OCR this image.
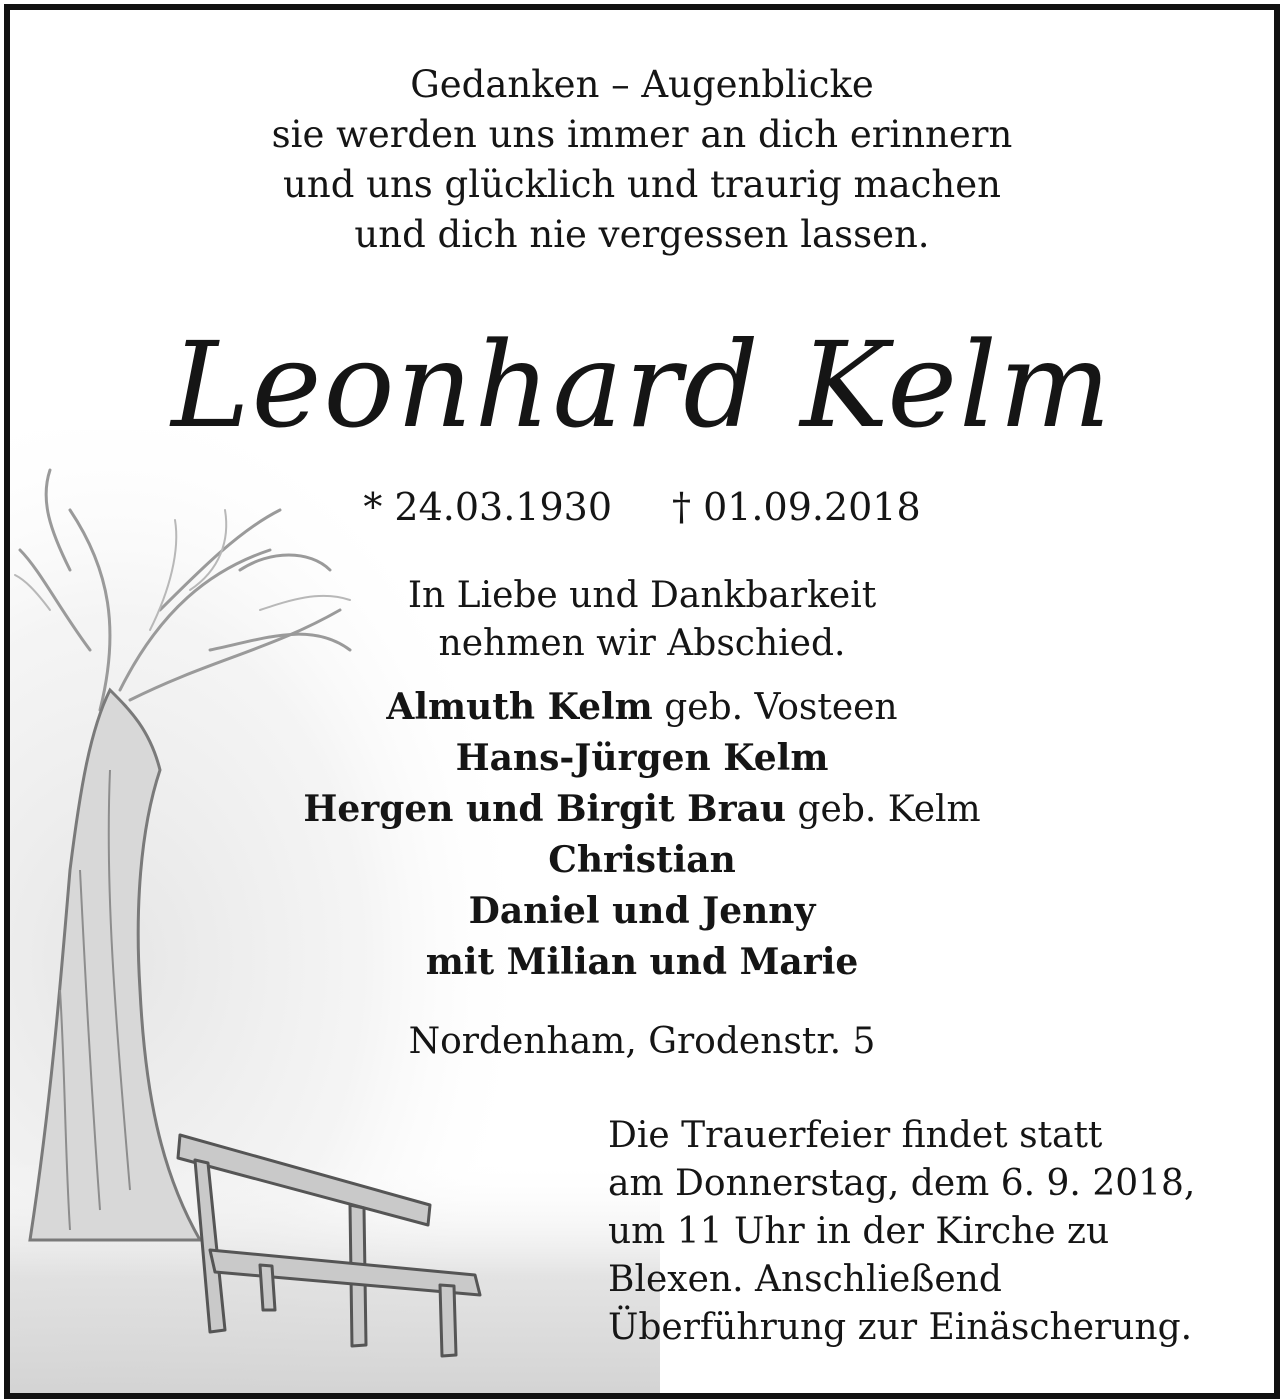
Gedanken – Augenblicke
sie werden uns immer an dich erinnern
und uns glücklich und traurig machen
und dich nie vergessen lassen.
Leonhard Kelm
* 24.03.1930 † 01.09.2018
In Liebe und Dankbarkeit
nehmen wir Abschied.
Almuth Kelm geb. Vosteen
Hans-Jürgen Kelm
Hergen und Birgit Brau geb. Kelm
Christian
Daniel und Jenny
mit Milian und Marie
Nordenham, Grodenstr. 5
Die Trauerfeier findet statt
am Donnerstag, dem 6. 9. 2018,
um 11 Uhr in der Kirche zu
Blexen. Anschließend
Überführung zur Einäscherung.
